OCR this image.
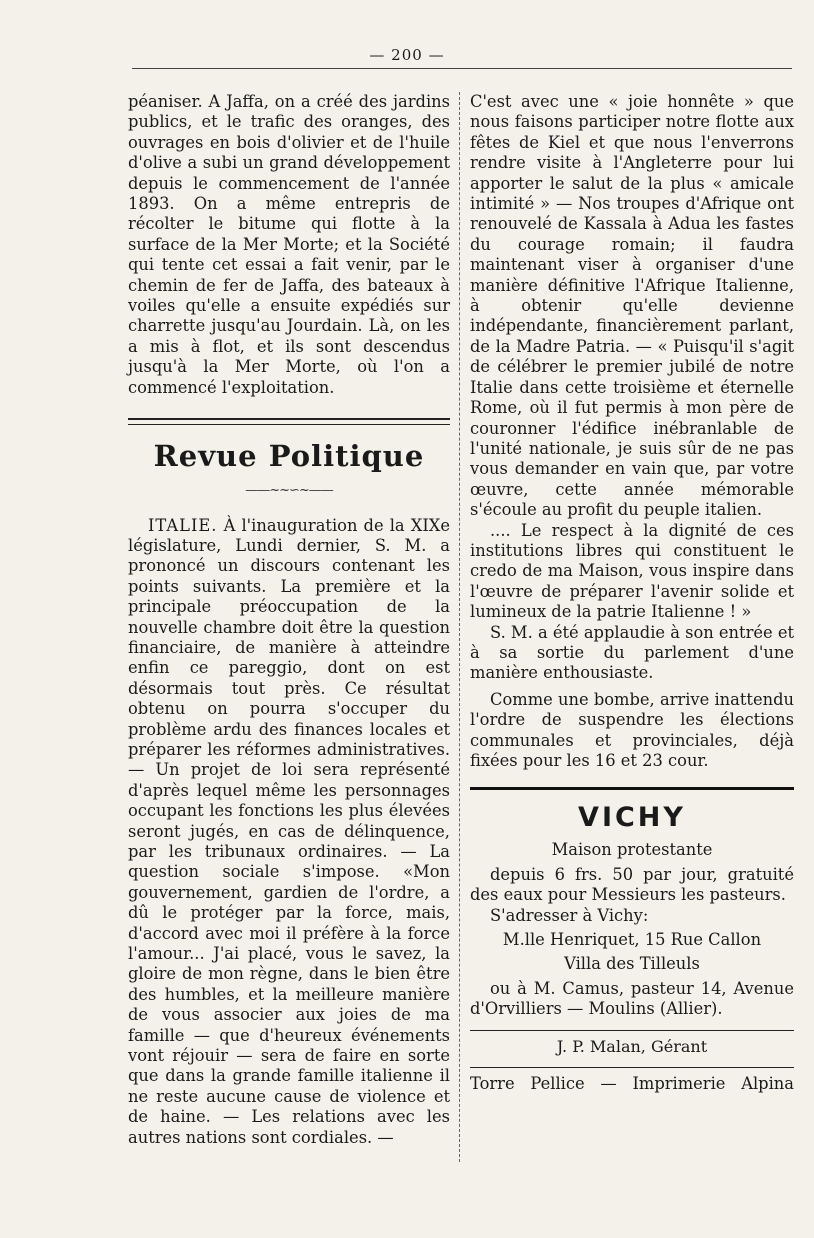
— 200 —

péaniser. A Jaffa, on a créé des jardins publics, et le trafic des oranges, des ouvrages en bois d'olivier et de l'huile d'olive a subi un grand développement depuis le commencement de l'année 1893. On a même entrepris de récolter le bitume qui flotte à la surface de la Mer Morte; et la Société qui tente cet essai a fait venir, par le chemin de fer de Jaffa, des bateaux à voiles qu'elle a ensuite expédiés sur charrette jusqu'au Jourdain. Là, on les a mis à flot, et ils sont descendus jusqu'à la Mer Morte, où l'on a commencé l'exploitation.

Revue Politique
——~~∽~——

ITALIE. À l'inauguration de la XIXe législature, Lundi dernier, S. M. a prononcé un discours contenant les points suivants. La première et la principale préoccupation de la nouvelle chambre doit être la question financiaire, de manière à atteindre enfin ce pareggio, dont on est désormais tout près. Ce résultat obtenu on pourra s'occuper du problème ardu des finances locales et préparer les réformes administratives. — Un projet de loi sera représenté d'après lequel même les personnages occupant les fonctions les plus élevées seront jugés, en cas de délinquence, par les tribunaux ordinaires. — La question sociale s'impose. «Mon gouvernement, gardien de l'ordre, a dû le protéger par la force, mais, d'accord avec moi il préfère à la force l'amour... J'ai placé, vous le savez, la gloire de mon règne, dans le bien être des humbles, et la meilleure manière de vous associer aux joies de ma famille — que d'heureux événements vont réjouir — sera de faire en sorte que dans la grande famille italienne il ne reste aucune cause de violence et de haine. — Les relations avec les autres nations sont cordiales. —

C'est avec une « joie honnête » que nous faisons participer notre flotte aux fêtes de Kiel et que nous l'enverrons rendre visite à l'Angleterre pour lui apporter le salut de la plus « amicale intimité » — Nos troupes d'Afrique ont renouvelé de Kassala à Adua les fastes du courage romain; il faudra maintenant viser à organiser d'une manière définitive l'Afrique Italienne, à obtenir qu'elle devienne indépendante, financièrement parlant, de la Madre Patria. — « Puisqu'il s'agit de célébrer le premier jubilé de notre Italie dans cette troisième et éternelle Rome, où il fut permis à mon père de couronner l'édifice inébranlable de l'unité nationale, je suis sûr de ne pas vous demander en vain que, par votre œuvre, cette année mémorable s'écoule au profit du peuple italien.

.... Le respect à la dignité de ces institutions libres qui constituent le credo de ma Maison, vous inspire dans l'œuvre de préparer l'avenir solide et lumineux de la patrie Italienne ! »

S. M. a été applaudie à son entrée et à sa sortie du parlement d'une manière enthousiaste.

Comme une bombe, arrive inattendu l'ordre de suspendre les élections communales et provinciales, déjà fixées pour les 16 et 23 cour.

VICHY
Maison protestante

depuis 6 frs. 50 par jour, gratuité des eaux pour Messieurs les pasteurs.

S'adresser à Vichy:

M.lle Henriquet, 15 Rue Callon
Villa des Tilleuls

ou à M. Camus, pasteur 14, Avenue d'Orvilliers — Moulins (Allier).

J. P. Malan, Gérant
Torre Pellice — Imprimerie Alpina
